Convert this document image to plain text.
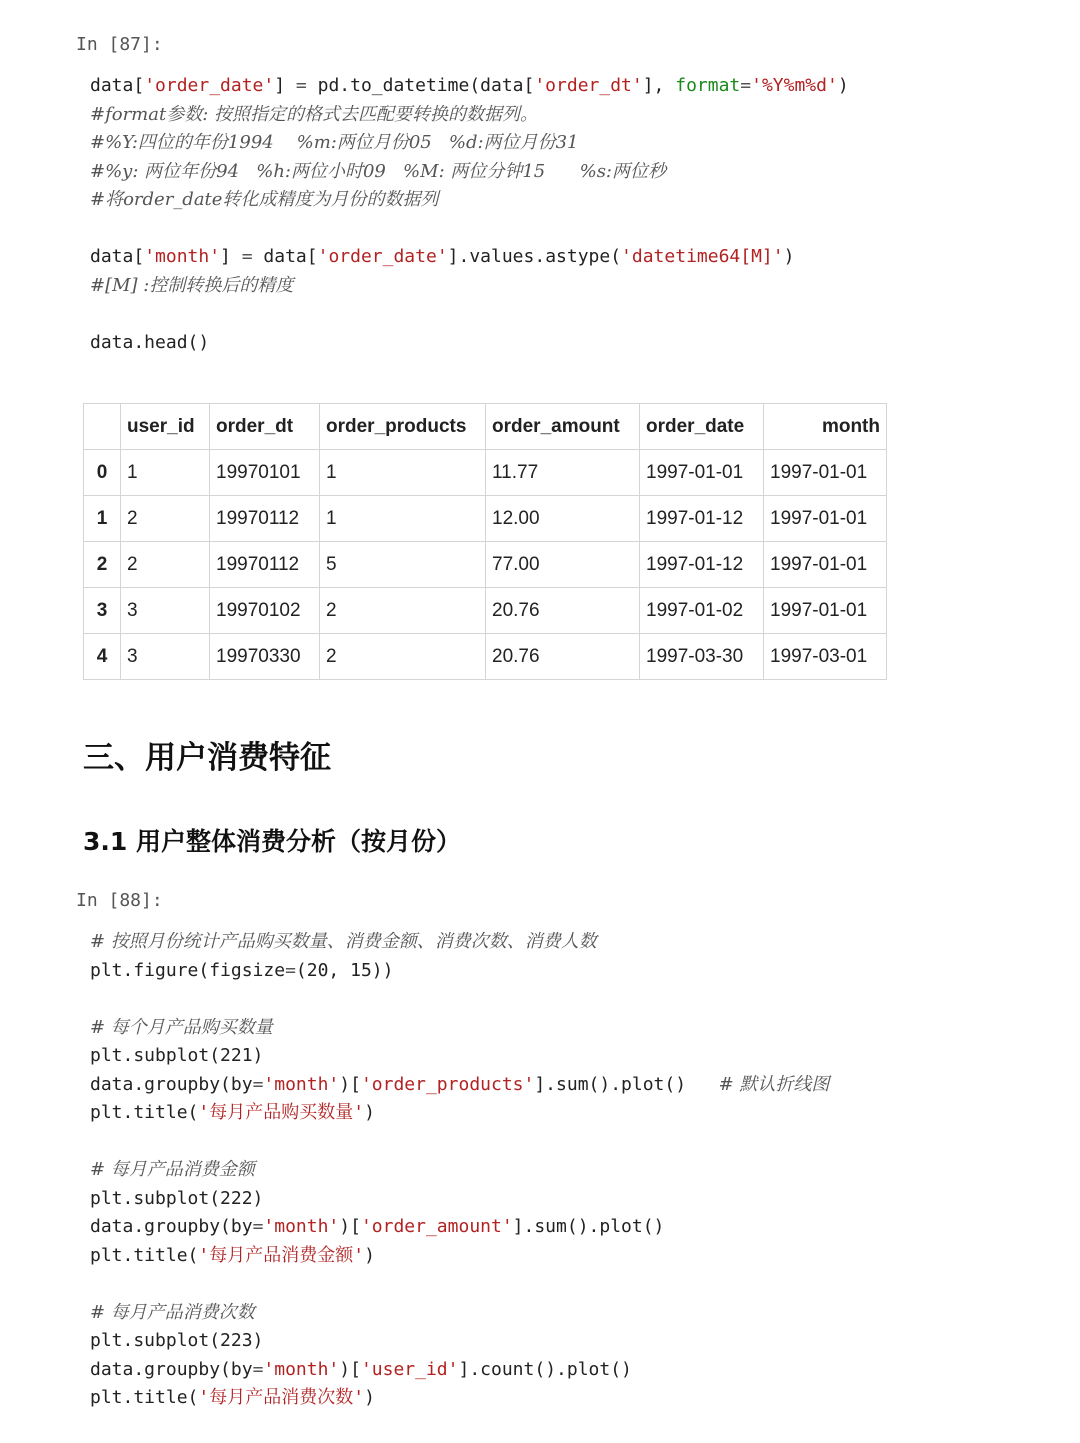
In [87]:
data['order_date'] = pd.to_datetime(data['order_dt'], format='%Y%m%d')
#format参数: 按照指定的格式去匹配要转换的数据列。
#%Y:四位的年份1994    %m:两位月份05   %d:两位月份31
#%y: 两位年份94   %h:两位小时09   %M: 两位分钟15      %s:两位秒
#将order_date转化成精度为月份的数据列
data['month'] = data['order_date'].values.astype('datetime64[M]')
#[M] :控制转换后的精度
data.head()
	user_id	order_dt	order_products	order_amount	order_date	month
0	1	19970101	1	11.77	1997-01-01	1997-01-01
1	2	19970112	1	12.00	1997-01-12	1997-01-01
2	2	19970112	5	77.00	1997-01-12	1997-01-01
3	3	19970102	2	20.76	1997-01-02	1997-01-01
4	3	19970330	2	20.76	1997-03-30	1997-03-01
三、用户消费特征
3.1 用户整体消费分析（按月份）
In [88]:
# 按照月份统计产品购买数量、消费金额、消费次数、消费人数
plt.figure(figsize=(20, 15))
# 每个月产品购买数量
plt.subplot(221)
data.groupby(by='month')['order_products'].sum().plot()   # 默认折线图
plt.title('每月产品购买数量')
# 每月产品消费金额
plt.subplot(222)
data.groupby(by='month')['order_amount'].sum().plot()
plt.title('每月产品消费金额')
# 每月产品消费次数
plt.subplot(223)
data.groupby(by='month')['user_id'].count().plot()
plt.title('每月产品消费次数')
